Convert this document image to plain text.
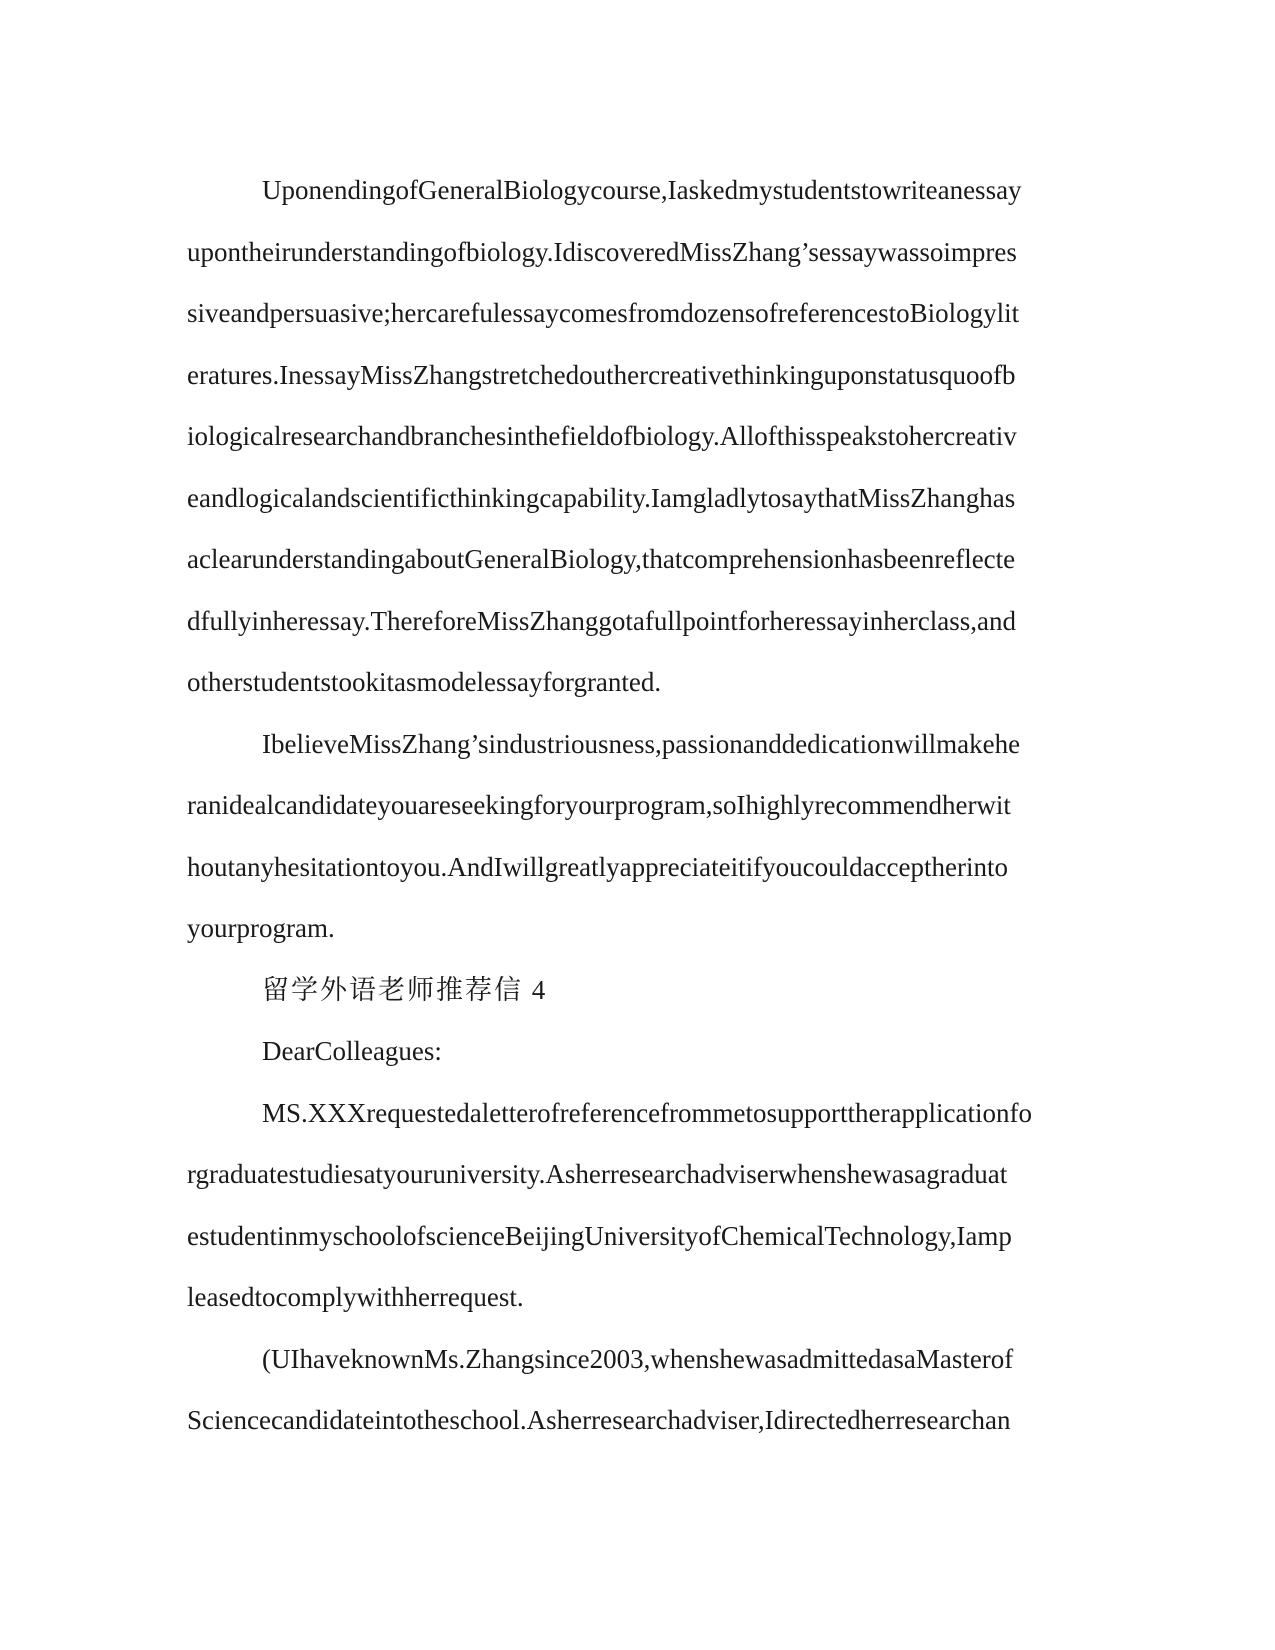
UponendingofGeneralBiologycourse,Iaskedmystudentstowriteanessay
upontheirunderstandingofbiology.IdiscoveredMissZhang’sessaywassoimpres
siveandpersuasive;hercarefulessaycomesfromdozensofreferencestoBiologylit
eratures.InessayMissZhangstretchedouthercreativethinkinguponstatusquoofb
iologicalresearchandbranchesinthefieldofbiology.Allofthisspeakstohercreativ
eandlogicalandscientificthinkingcapability.IamgladlytosaythatMissZhanghas
aclearunderstandingaboutGeneralBiology,thatcomprehensionhasbeenreflecte
dfullyinheressay.ThereforeMissZhanggotafullpointforheressayinherclass,and
otherstudentstookitasmodelessayforgranted.
IbelieveMissZhang’sindustriousness,passionanddedicationwillmakehe
ranidealcandidateyouareseekingforyourprogram,soIhighlyrecommendherwit
houtanyhesitationtoyou.AndIwillgreatlyappreciateitifyoucouldacceptherinto
yourprogram.
留学外语老师推荐信 4
DearColleagues:
MS.XXXrequestedaletterofreferencefrommetosupporttherapplicationfo
rgraduatestudiesatyouruniversity.Asherresearchadviserwhenshewasagraduat
estudentinmyschoolofscienceBeijingUniversityofChemicalTechnology,Iamp
leasedtocomplywithherrequest.
(UIhaveknownMs.Zhangsince2003,whenshewasadmittedasaMasterof
Sciencecandidateintotheschool.Asherresearchadviser,Idirectedherresearchan
